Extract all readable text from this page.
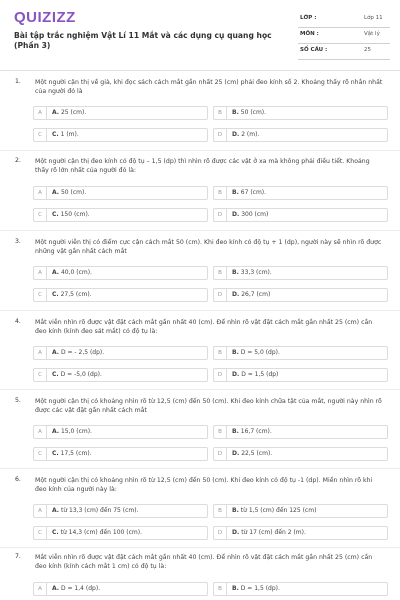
QUIZIZZ
Bài tập trắc nghiệm Vật Lí 11 Mắt và các dụng cụ quang học (Phần 3)
LỚP :	Lớp 11
MÔN :	Vật lý
SỐ CÂU :	25
1. Một người cận thị về già, khi đọc sách cách mắt gần nhất 25 (cm) phải đeo kính số 2. Khoảng thấy rõ nhắn nhất của người đó là
A	A. 25 (cm).	B	B. 50 (cm).
C	C. 1 (m).	D	D. 2 (m).
2. Một người cận thị đeo kính có độ tụ – 1,5 (dp) thì nhìn rõ được các vật ở xa mà không phải điều tiết. Khoảng thấy rõ lớn nhất của người đó là:
A	A. 50 (cm).	B	B. 67 (cm).
C	C. 150 (cm).	D	D. 300 (cm)
3. Một người viễn thị có điểm cực cận cách mắt 50 (cm). Khi đeo kính có độ tụ + 1 (dp), người này sẽ nhìn rõ được những vật gần nhất cách mắt
A	A. 40,0 (cm).	B	B. 33,3 (cm).
C	C. 27,5 (cm).	D	D. 26,7 (cm)
4. Mắt viễn nhìn rõ được vật đặt cách mắt gần nhất 40 (cm). Để nhìn rõ vật đặt cách mắt gần nhất 25 (cm) cần đeo kính (kính đeo sát mắt) có độ tụ là:
A	A. D = - 2,5 (dp).	B	B. D = 5,0 (dp).
C	C. D = -5,0 (dp).	D	D. D = 1,5 (dp)
5. Một người cận thị có khoảng nhìn rõ từ 12,5 (cm) đến 50 (cm). Khi đeo kính chữa tật của mắt, người này nhìn rõ được các vật đặt gần nhất cách mắt
A	A. 15,0 (cm).	B	B. 16,7 (cm).
C	C. 17,5 (cm).	D	D. 22,5 (cm).
6. Một người cận thị có khoảng nhìn rõ từ 12,5 (cm) đến 50 (cm). Khi đeo kính có độ tụ -1 (dp). Miền nhìn rõ khi đeo kính của người này là:
A	A. từ 13,3 (cm) đến 75 (cm).	B	B. từ 1,5 (cm) đến 125 (cm)
C	C. từ 14,3 (cm) đến 100 (cm).	D	D. từ 17 (cm) đến 2 (m).
7. Mắt viễn nhìn rõ được vật đặt cách mắt gần nhất 40 (cm). Để nhìn rõ vật đặt cách mắt gần nhất 25 (cm) cần đeo kính (kính cách mắt 1 cm) có độ tụ là:
A	A. D = 1,4 (dp).	B	B. D = 1,5 (dp).
